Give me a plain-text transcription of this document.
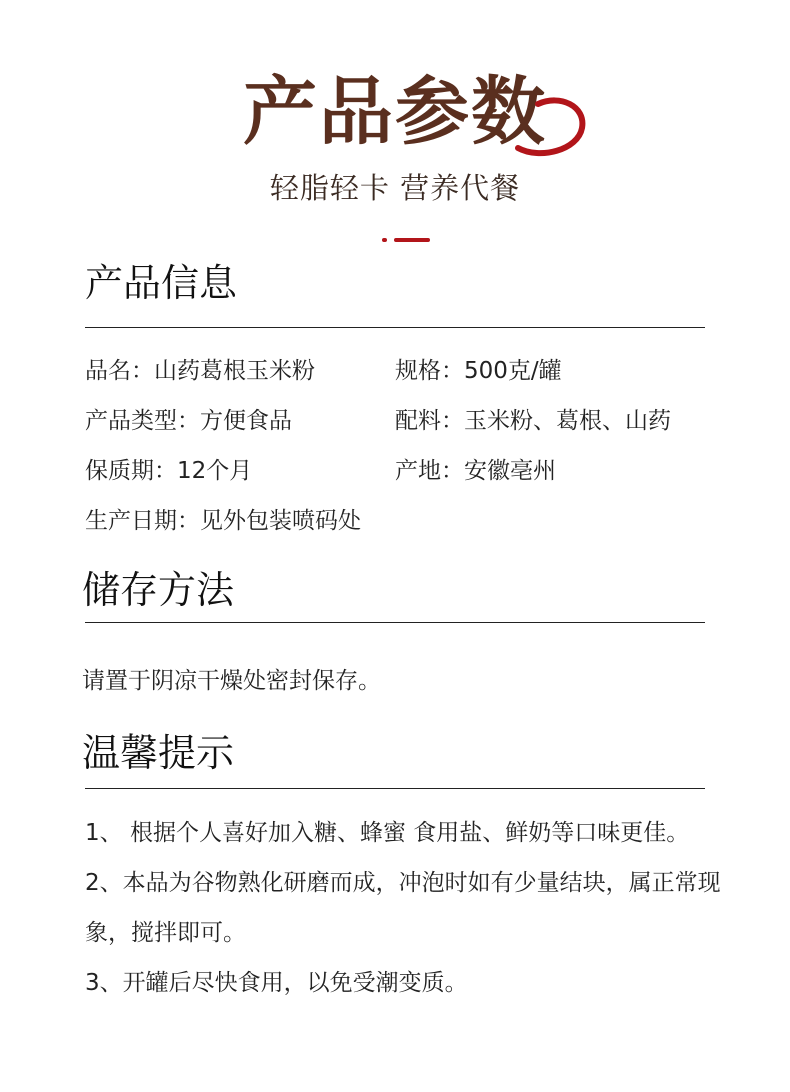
产品参数
轻脂轻卡 营养代餐
产品信息
品名：山药葛根玉米粉	规格：500克/罐
产品类型：方便食品	配料：玉米粉、葛根、山药
保质期：12个月	产地：安徽亳州
生产日期：见外包装喷码处
储存方法
请置于阴凉干燥处密封保存。
温馨提示
1、 根据个人喜好加入糖、蜂蜜 食用盐、鲜奶等口味更佳。
2、本品为谷物熟化研磨而成，冲泡时如有少量结块，属正常现象，搅拌即可。
3、开罐后尽快食用，以免受潮变质。
